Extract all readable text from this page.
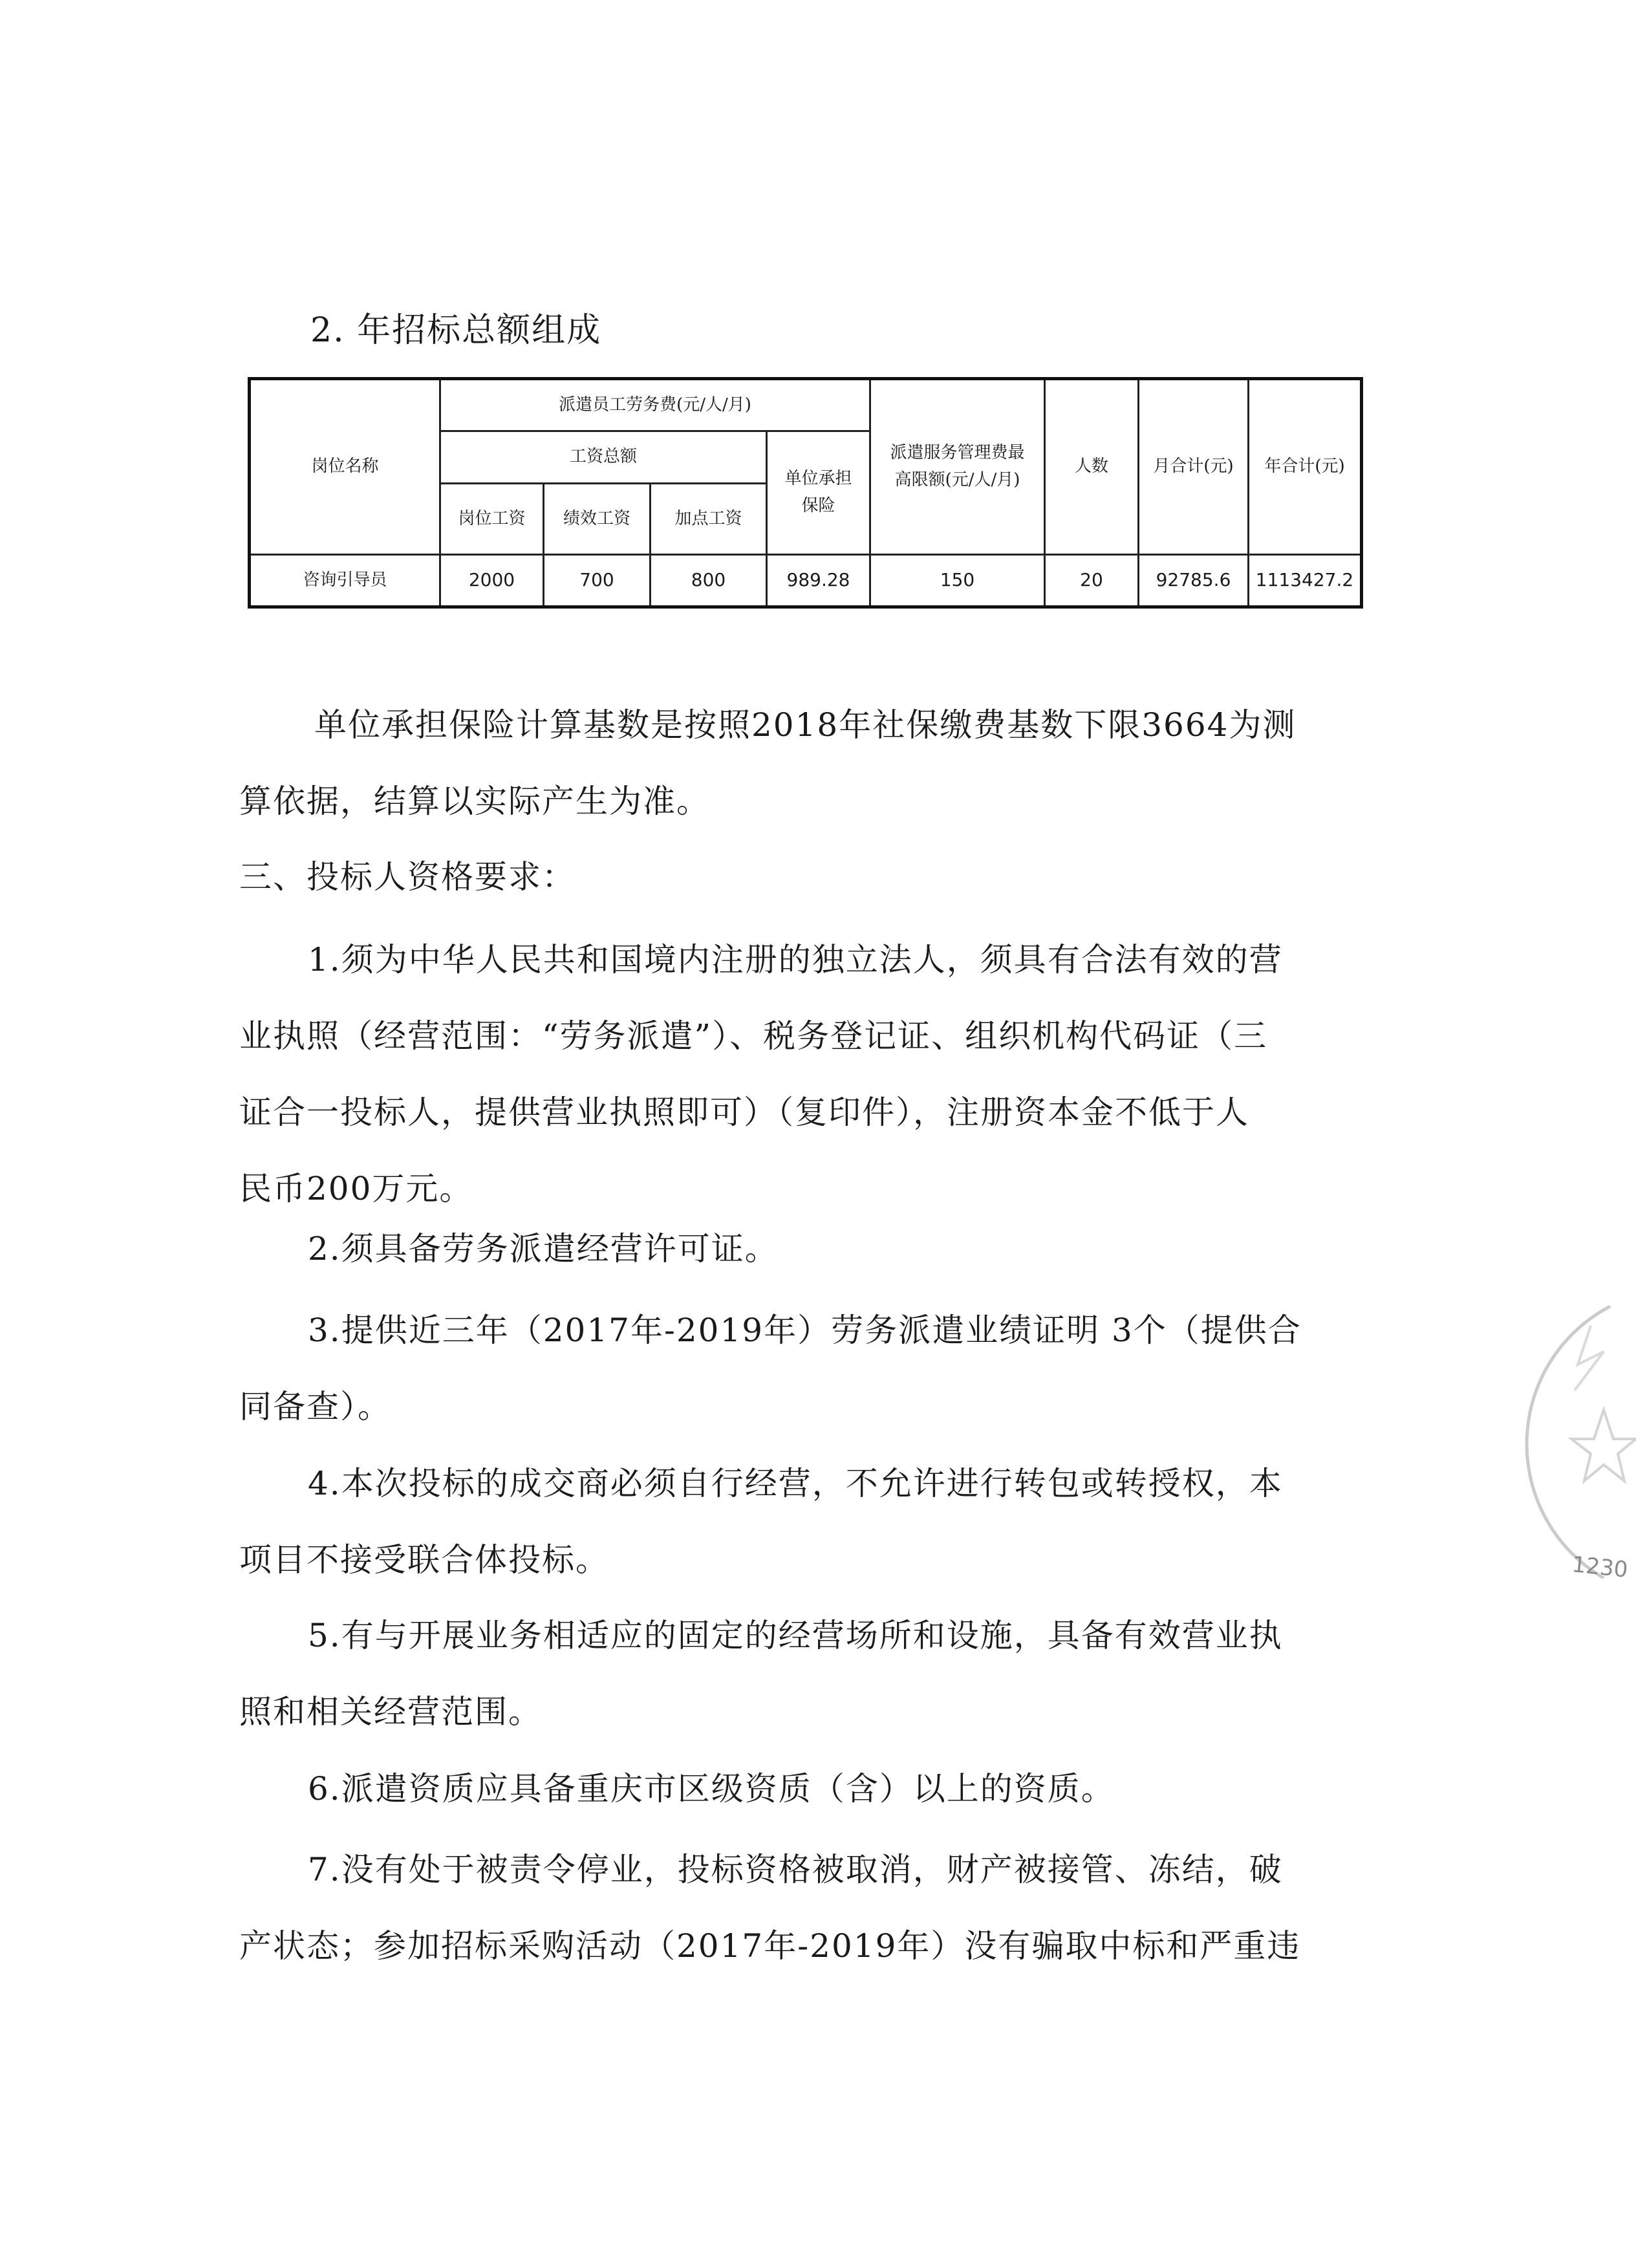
2. 年招标总额组成
岗位名称	派遣员工劳务费(元/人/月)				派遣服务管理费最高限额(元/人/月)	人数	月合计(元)	年合计(元)
	工资总额			单位承担保险				
	岗位工资	绩效工资	加点工资					
咨询引导员	2000	700	800	989.28	150	20	92785.6	1113427.2
单位承担保险计算基数是按照2018年社保缴费基数下限3664为测
算依据，结算以实际产生为准。
三、投标人资格要求：
1.须为中华人民共和国境内注册的独立法人，须具有合法有效的营
业执照（经营范围：“劳务派遣”）、税务登记证、组织机构代码证（三
证合一投标人，提供营业执照即可）（复印件），注册资本金不低于人
民币200万元。
2.须具备劳务派遣经营许可证。
3.提供近三年（2017年-2019年）劳务派遣业绩证明 3个（提供合
同备查）。
4.本次投标的成交商必须自行经营，不允许进行转包或转授权，本
项目不接受联合体投标。
5.有与开展业务相适应的固定的经营场所和设施，具备有效营业执
照和相关经营范围。
6.派遣资质应具备重庆市区级资质（含）以上的资质。
7.没有处于被责令停业，投标资格被取消，财产被接管、冻结，破
产状态；参加招标采购活动（2017年-2019年）没有骗取中标和严重违
1230
